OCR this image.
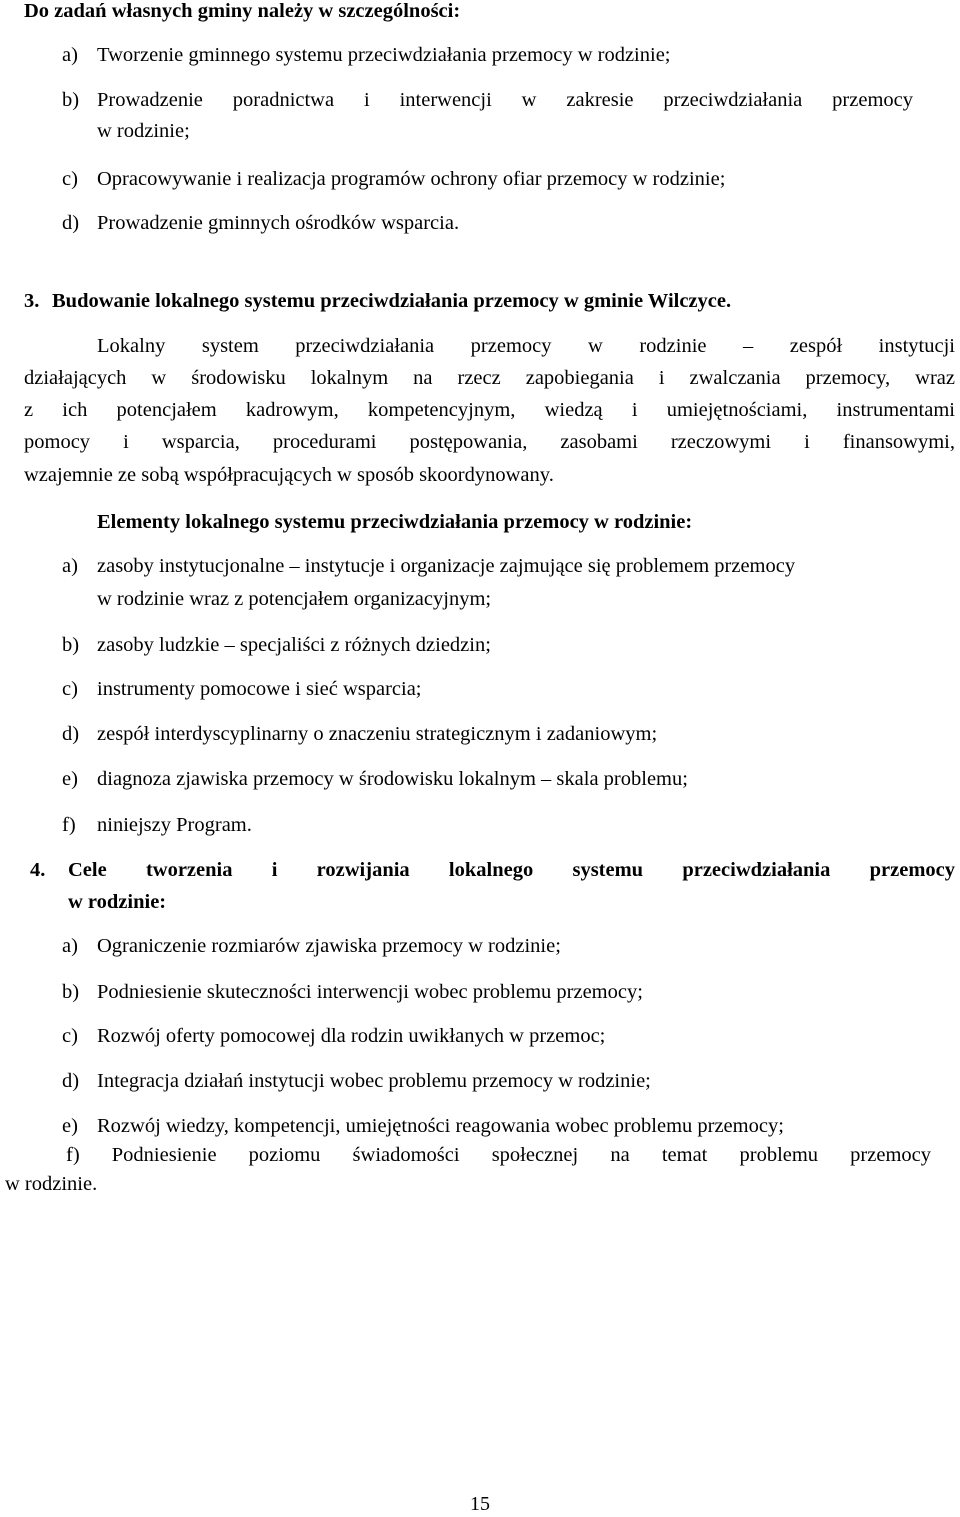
Do zadań własnych gminy należy w szczególności:
a) Tworzenie gminnego systemu przeciwdziałania przemocy w rodzinie;
b) Prowadzenie poradnictwa i interwencji w zakresie przeciwdziałania przemocy
w rodzinie;
c) Opracowywanie i realizacja programów ochrony ofiar przemocy w rodzinie;
d) Prowadzenie gminnych ośrodków wsparcia.
3. Budowanie lokalnego systemu przeciwdziałania przemocy w gminie Wilczyce.
Lokalny system przeciwdziałania przemocy w rodzinie – zespół instytucji
działających w środowisku lokalnym na rzecz zapobiegania i zwalczania przemocy, wraz
z ich potencjałem kadrowym, kompetencyjnym, wiedzą i umiejętnościami, instrumentami
pomocy i wsparcia, procedurami postępowania, zasobami rzeczowymi i finansowymi,
wzajemnie ze sobą współpracujących w sposób skoordynowany.
Elementy lokalnego systemu przeciwdziałania przemocy w rodzinie:
a) zasoby instytucjonalne – instytucje i organizacje zajmujące się problemem przemocy
w rodzinie wraz z potencjałem organizacyjnym;
b) zasoby ludzkie – specjaliści z różnych dziedzin;
c) instrumenty pomocowe i sieć wsparcia;
d) zespół interdyscyplinarny o znaczeniu strategicznym i zadaniowym;
e) diagnoza zjawiska przemocy w środowisku lokalnym – skala problemu;
f) niniejszy Program.
4. Cele tworzenia i rozwijania lokalnego systemu przeciwdziałania przemocy
w rodzinie:
a) Ograniczenie rozmiarów zjawiska przemocy w rodzinie;
b) Podniesienie skuteczności interwencji wobec problemu przemocy;
c) Rozwój oferty pomocowej dla rodzin uwikłanych w przemoc;
d) Integracja działań instytucji wobec problemu przemocy w rodzinie;
e) Rozwój wiedzy, kompetencji, umiejętności reagowania wobec problemu przemocy;
f) Podniesienie poziomu świadomości społecznej na temat problemu przemocy
w rodzinie.
15
